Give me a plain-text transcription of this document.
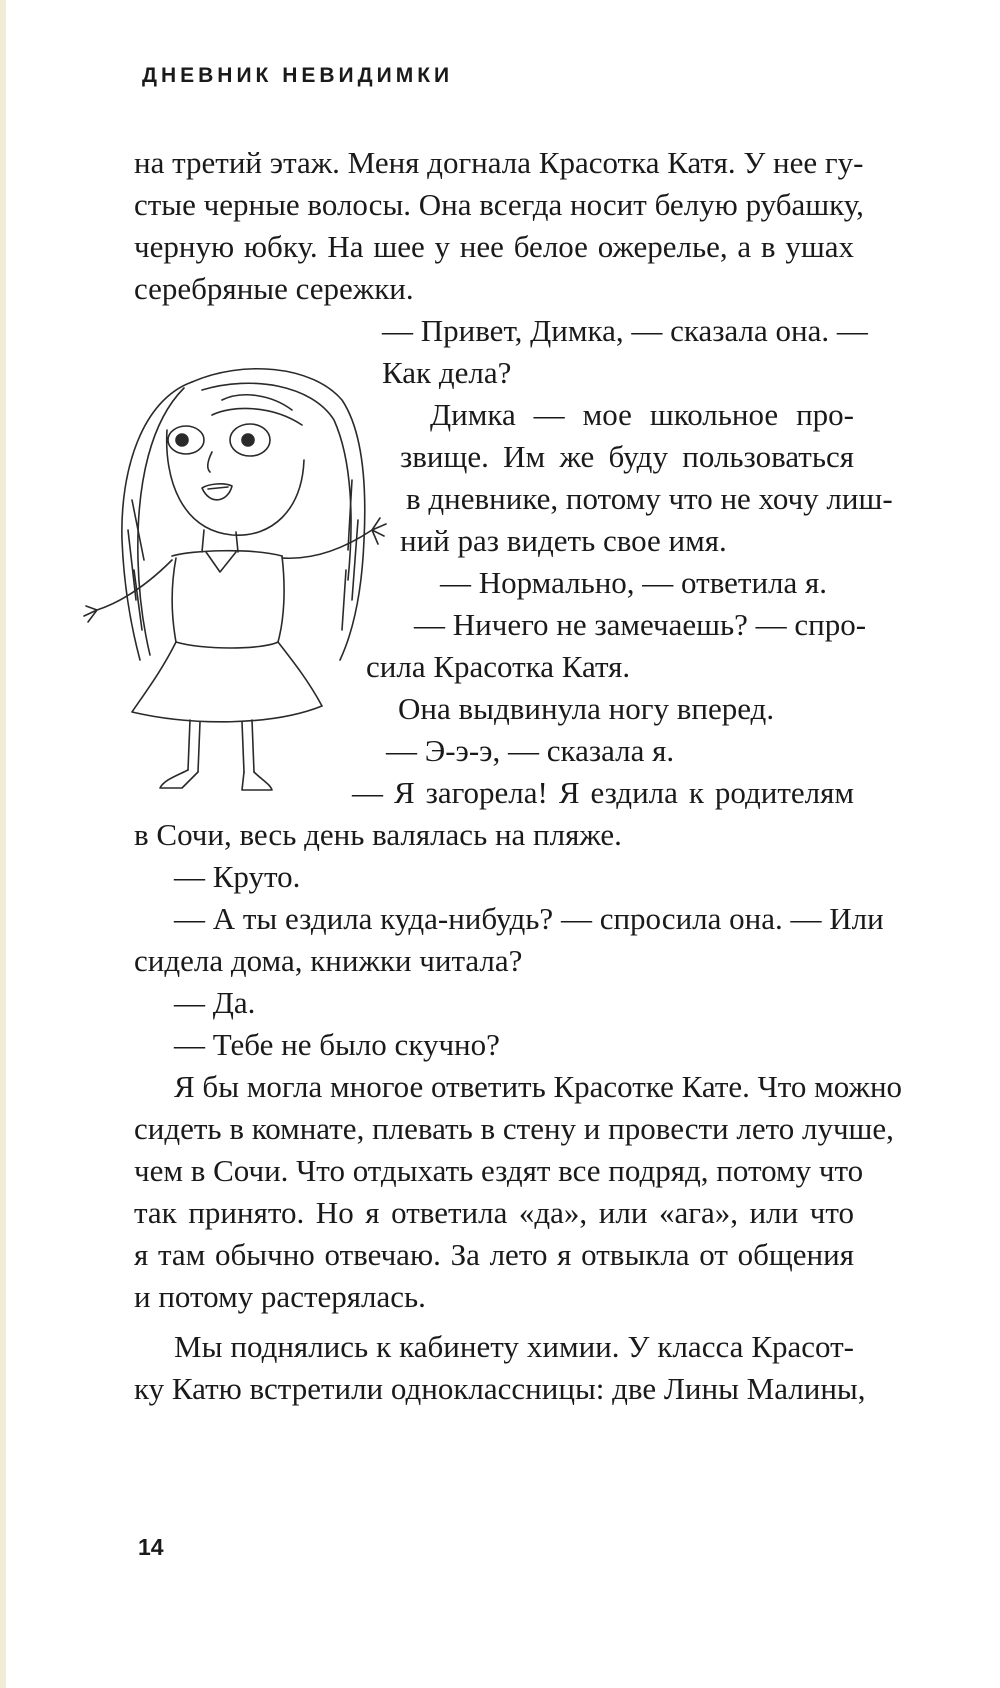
ДНЕВНИК НЕВИДИМКИ
на третий этаж. Меня догнала Красотка Катя. У нее гу-
стые черные волосы. Она всегда носит белую рубашку,
черную юбку. На шее у нее белое ожерелье, а в ушах
серебряные сережки.
— Привет, Димка, — сказала она. —
Как дела?
Димка — мое школьное про-
звище. Им же буду пользоваться
в дневнике, потому что не хочу лиш-
ний раз видеть свое имя.
— Нормально, — ответила я.
— Ничего не замечаешь? — спро-
сила Красотка Катя.
Она выдвинула ногу вперед.
— Э-э-э, — сказала я.
— Я загорела! Я ездила к родителям
в Сочи, весь день валялась на пляже.
— Круто.
— А ты ездила куда-нибудь? — спросила она. — Или
сидела дома, книжки читала?
— Да.
— Тебе не было скучно?
Я бы могла многое ответить Красотке Кате. Что можно
сидеть в комнате, плевать в стену и провести лето лучше,
чем в Сочи. Что отдыхать ездят все подряд, потому что
так принято. Но я ответила «да», или «ага», или что
я там обычно отвечаю. За лето я отвыкла от общения
и потому растерялась.
Мы поднялись к кабинету химии. У класса Красот-
ку Катю встретили одноклассницы: две Лины Малины,
14
